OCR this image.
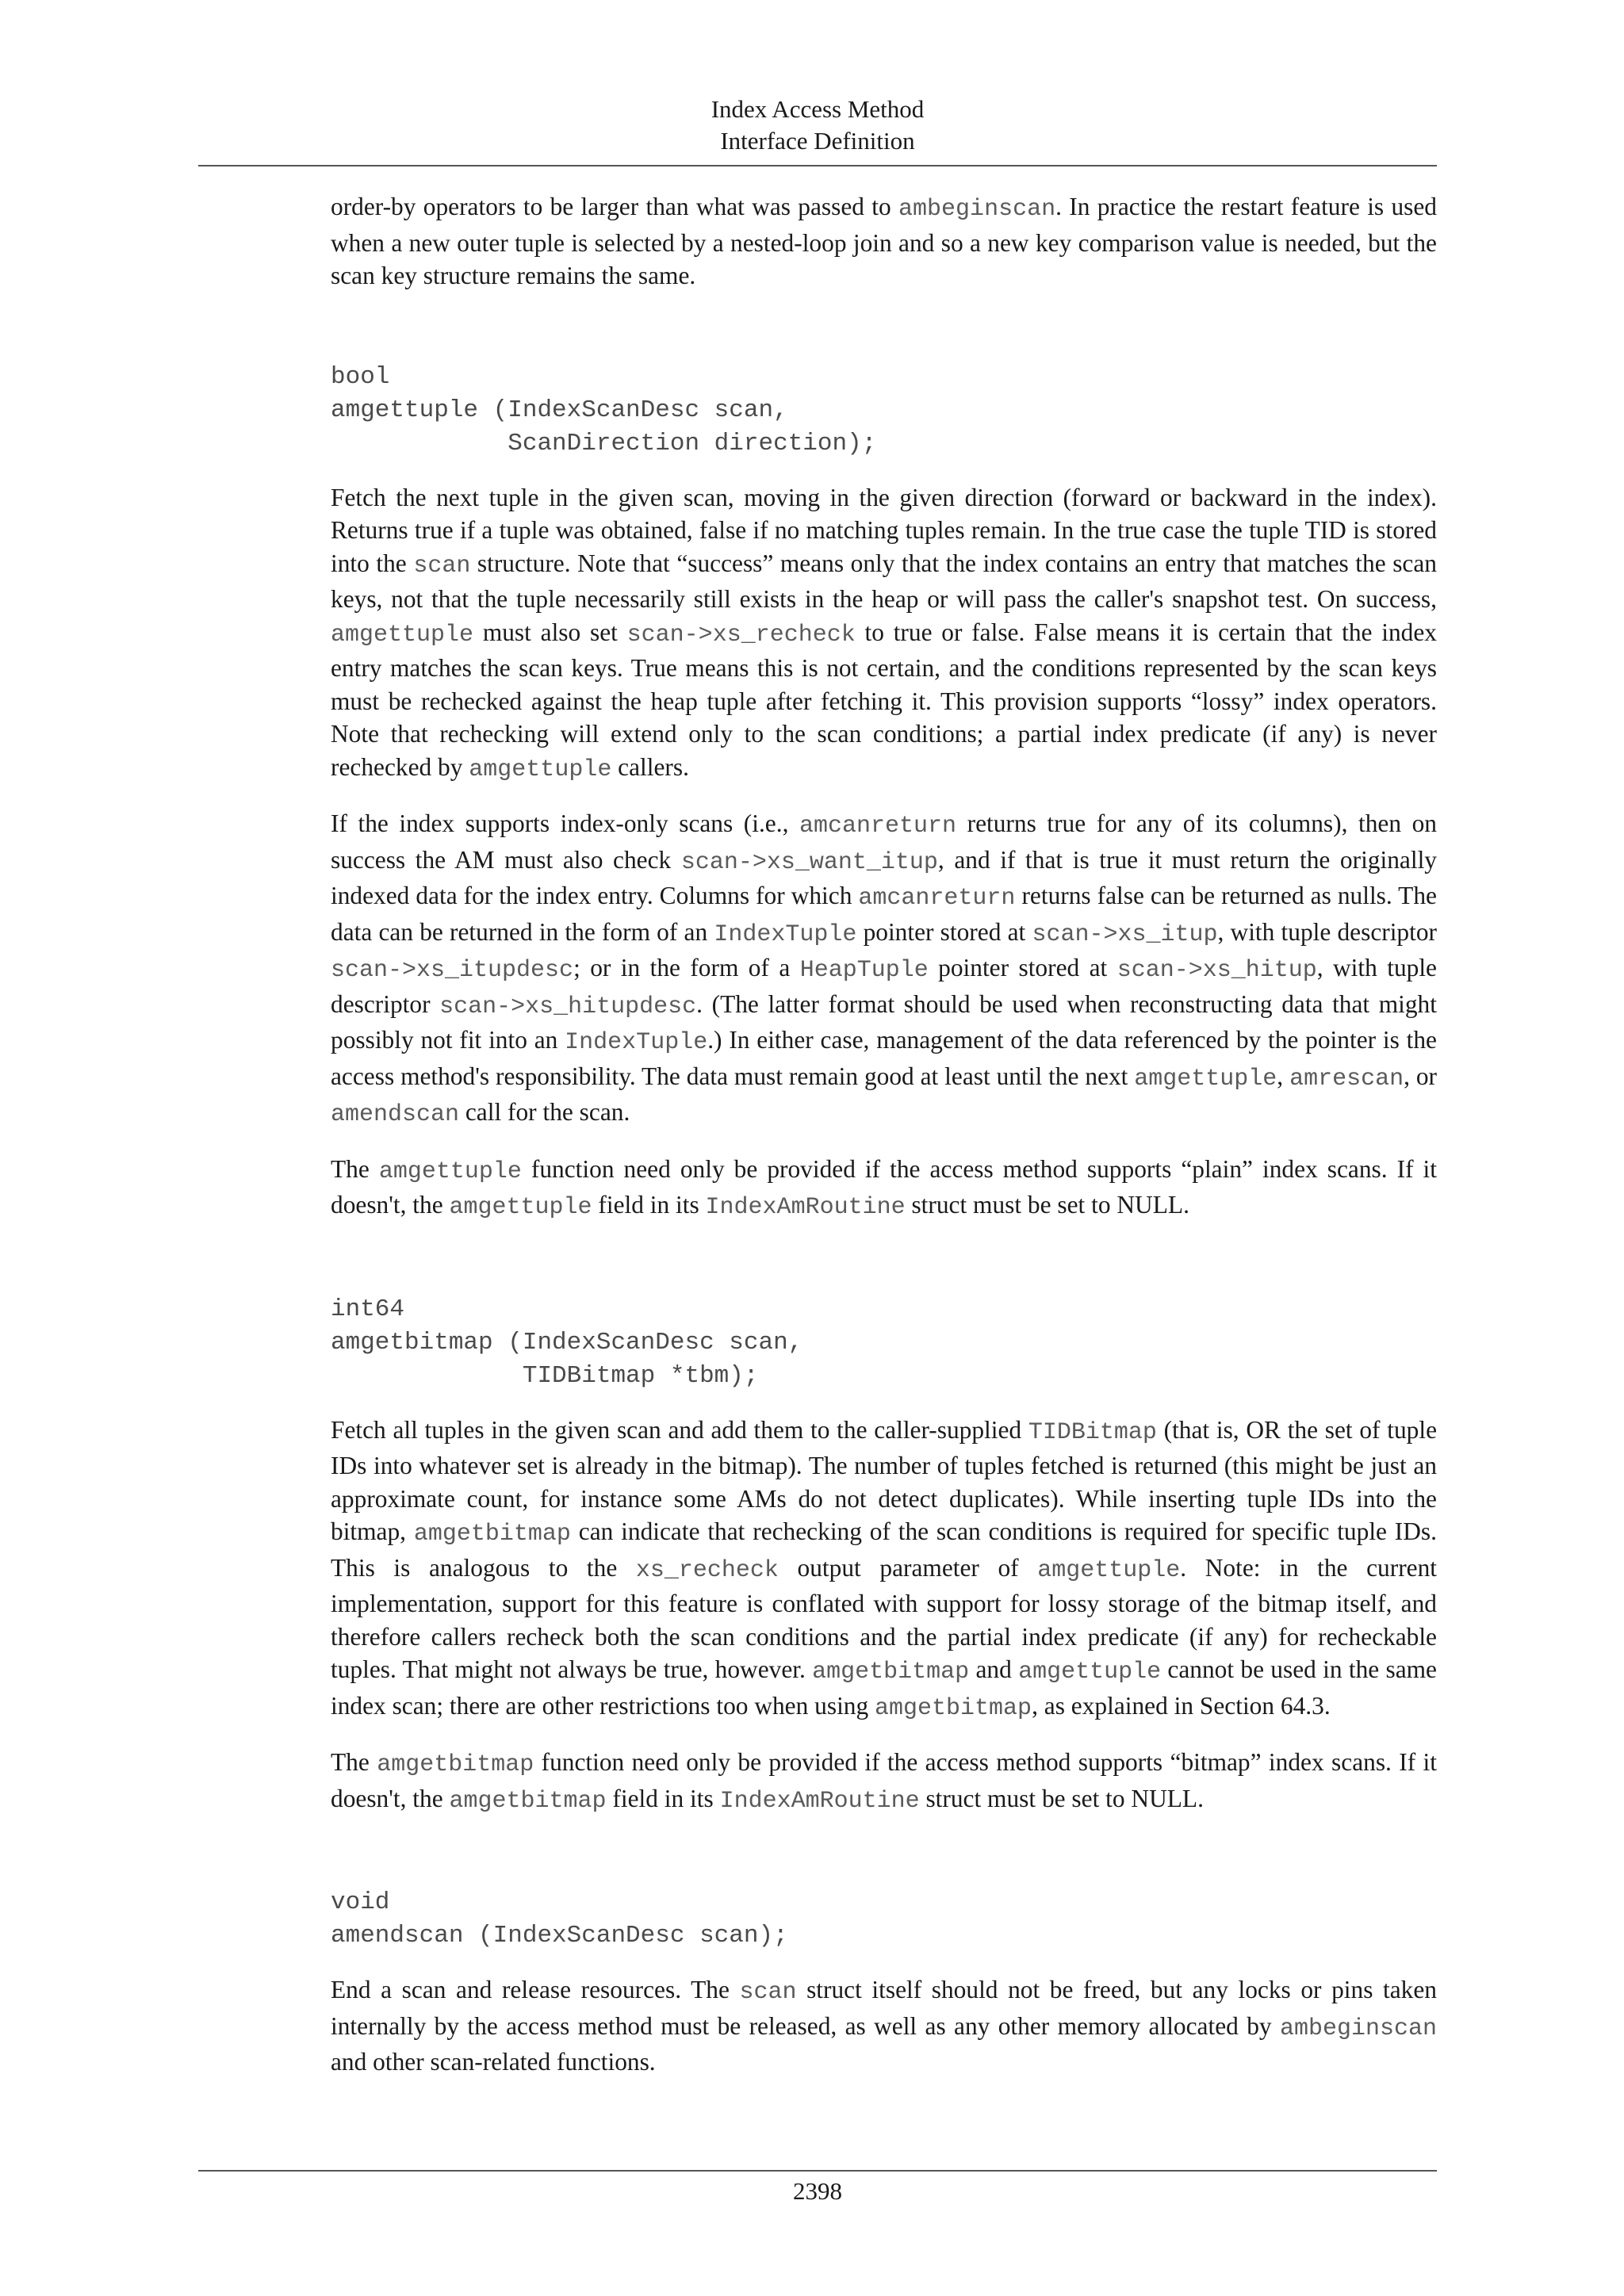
Index Access Method
Interface Definition

order-by operators to be larger than what was passed to ambeginscan. In practice the restart feature is used when a new outer tuple is selected by a nested-loop join and so a new key comparison value is needed, but the scan key structure remains the same.

bool
amgettuple (IndexScanDesc scan,
ScanDirection direction);

Fetch the next tuple in the given scan, moving in the given direction (forward or backward in the index). Returns true if a tuple was obtained, false if no matching tuples remain. In the true case the tuple TID is stored into the scan structure. Note that “success” means only that the index contains an entry that matches the scan keys, not that the tuple necessarily still exists in the heap or will pass the caller's snapshot test. On success, amgettuple must also set scan->xs_recheck to true or false. False means it is certain that the index entry matches the scan keys. True means this is not certain, and the conditions represented by the scan keys must be rechecked against the heap tuple after fetching it. This provision supports “lossy” index operators. Note that rechecking will extend only to the scan conditions; a partial index predicate (if any) is never rechecked by amgettuple callers.

If the index supports index-only scans (i.e., amcanreturn returns true for any of its columns), then on success the AM must also check scan->xs_want_itup, and if that is true it must return the originally indexed data for the index entry. Columns for which amcanreturn returns false can be returned as nulls. The data can be returned in the form of an IndexTuple pointer stored at scan->xs_itup, with tuple descriptor scan->xs_itupdesc; or in the form of a HeapTuple pointer stored at scan->xs_hitup, with tuple descriptor scan->xs_hitupdesc. (The latter format should be used when reconstructing data that might possibly not fit into an IndexTuple.) In either case, management of the data referenced by the pointer is the access method's responsibility. The data must remain good at least until the next amgettuple, amrescan, or amendscan call for the scan.

The amgettuple function need only be provided if the access method supports “plain” index scans. If it doesn't, the amgettuple field in its IndexAmRoutine struct must be set to NULL.

int64
amgetbitmap (IndexScanDesc scan,
TIDBitmap *tbm);

Fetch all tuples in the given scan and add them to the caller-supplied TIDBitmap (that is, OR the set of tuple IDs into whatever set is already in the bitmap). The number of tuples fetched is returned (this might be just an approximate count, for instance some AMs do not detect duplicates). While inserting tuple IDs into the bitmap, amgetbitmap can indicate that rechecking of the scan conditions is required for specific tuple IDs. This is analogous to the xs_recheck output parameter of amgettuple. Note: in the current implementation, support for this feature is conflated with support for lossy storage of the bitmap itself, and therefore callers recheck both the scan conditions and the partial index predicate (if any) for recheckable tuples. That might not always be true, however. amgetbitmap and amgettuple cannot be used in the same index scan; there are other restrictions too when using amgetbitmap, as explained in Section 64.3.

The amgetbitmap function need only be provided if the access method supports “bitmap” index scans. If it doesn't, the amgetbitmap field in its IndexAmRoutine struct must be set to NULL.

void
amendscan (IndexScanDesc scan);

End a scan and release resources. The scan struct itself should not be freed, but any locks or pins taken internally by the access method must be released, as well as any other memory allocated by ambeginscan and other scan-related functions.

2398
